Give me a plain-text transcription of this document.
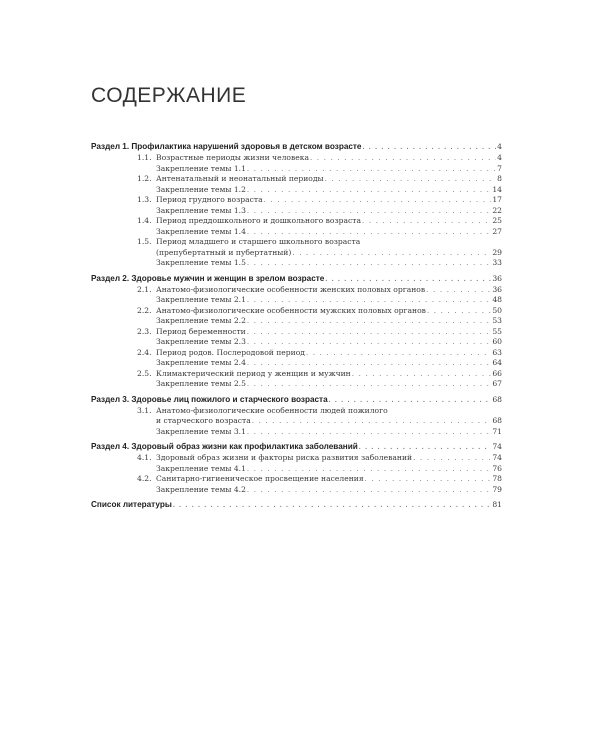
СОДЕРЖАНИЕ
Раздел 1. Профилактика нарушений здоровья в детском возрасте . . .	4
1.1. Возрастные периоды жизни человека . . .	4
Закрепление темы 1.1 . . .	7
1.2. Антенатальный и неонатальный периоды . . .	8
Закрепление темы 1.2 . . .	14
1.3. Период грудного возраста . . .	17
Закрепление темы 1.3 . . .	22
1.4. Период преддошкольного и дошкольного возраста . . .	25
Закрепление темы 1.4 . . .	27
1.5. Период младшего и старшего школьного возраста
(препубертатный и пубертатный) . . .	29
Закрепление темы 1.5 . . .	33
Раздел 2. Здоровье мужчин и женщин в зрелом возрасте . . .	36
2.1. Анатомо-физиологические особенности женских половых органов . . .	36
Закрепление темы 2.1 . . .	48
2.2. Анатомо-физиологические особенности мужских половых органов . . .	50
Закрепление темы 2.2 . . .	53
2.3. Период беременности . . .	55
Закрепление темы 2.3 . . .	60
2.4. Период родов. Послеродовой период . . .	63
Закрепление темы 2.4 . . .	64
2.5. Климактерический период у женщин и мужчин . . .	66
Закрепление темы 2.5 . . .	67
Раздел 3. Здоровье лиц пожилого и старческого возраста . . .	68
3.1. Анатомо-физиологические особенности людей пожилого
и старческого возраста . . .	68
Закрепление темы 3.1 . . .	71
Раздел 4. Здоровый образ жизни как профилактика заболеваний . . .	74
4.1. Здоровый образ жизни и факторы риска развития заболеваний . . .	74
Закрепление темы 4.1 . . .	76
4.2. Санитарно-гигиеническое просвещение населения . . .	78
Закрепление темы 4.2 . . .	79
Список литературы . . .	81
